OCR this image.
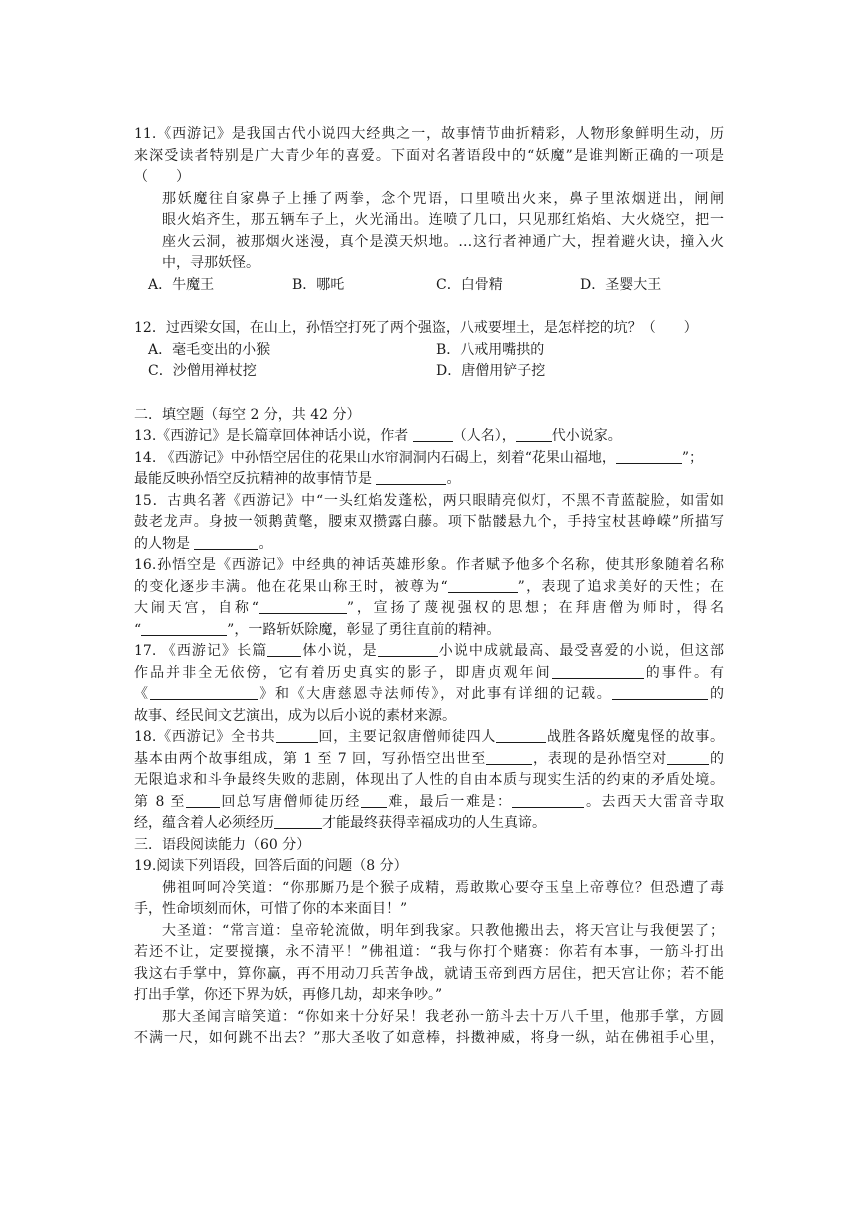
11.《西游记》是我国古代小说四大经典之一，故事情节曲折精彩，人物形象鲜明生动，历
来深受读者特别是广大青少年的喜爱。下面对名著语段中的“妖魔”是谁判断正确的一项是
（　　）
那妖魔往自家鼻子上捶了两拳，念个咒语，口里喷出火来，鼻子里浓烟迸出，闸闸
眼火焰齐生，那五辆车子上，火光涌出。连喷了几口，只见那红焰焰、大火烧空，把一
座火云洞，被那烟火迷漫，真个是漠天炽地。…这行者神通广大，捏着避火诀，撞入火
中，寻那妖怪。
A．牛魔王	B．哪吒	C．白骨精	D．圣婴大王
12．过西梁女国，在山上，孙悟空打死了两个强盗，八戒要埋土，是怎样挖的坑？（　　）
A．毫毛变出的小猴	B．八戒用嘴拱的
C．沙僧用禅杖挖	D．唐僧用铲子挖
二．填空题（每空 2 分，共 42 分）
13.《西游记》是长篇章回体神话小说，作者	（人名），	代小说家。
14. 《西游记》中孙悟空居住的花果山水帘洞洞内石碣上，刻着“花果山福地，	”；
最能反映孙悟空反抗精神的故事情节是	。
15．古典名著《西游记》中“一头红焰发蓬松，两只眼睛亮似灯，不黑不青蓝靛脸，如雷如
鼓老龙声。身披一领鹅黄氅，腰束双攒露白藤。项下骷髅悬九个，手持宝杖甚峥嵘”所描写
的人物是	。
16.孙悟空是《西游记》中经典的神话英雄形象。作者赋予他多个名称，使其形象随着名称
的变化逐步丰满。他在花果山称王时，被尊为“	”，表现了追求美好的天性；在
大闹天宫，自称“	”，宣扬了蔑视强权的思想；在拜唐僧为师时，得名
“	”，一路斩妖除魔，彰显了勇往直前的精神。
17. 《西游记》长篇 体小说，是	小说中成就最高、最受喜爱的小说，但这部
作品并非全无依傍，它有着历史真实的影子，即唐贞观年间	的事件。有
《	》和《大唐慈恩寺法师传》，对此事有详细的记载。	的
故事、经民间文艺演出，成为以后小说的素材来源。
18.《西游记》全书共	回，主要记叙唐僧师徒四人	战胜各路妖魔鬼怪的故事。
基本由两个故事组成，第 1 至 7 回，写孙悟空出世至	，表现的是孙悟空对	的
无限追求和斗争最终失败的悲剧，体现出了人性的自由本质与现实生活的约束的矛盾处境。
第 8 至 回总写唐僧师徒历经 难，最后一难是：	。去西天大雷音寺取
经，蕴含着人必须经历	才能最终获得幸福成功的人生真谛。
三．语段阅读能力（60 分）
19.阅读下列语段，回答后面的问题（8 分）
佛祖呵呵冷笑道：“你那厮乃是个猴子成精，焉敢欺心要夺玉皇上帝尊位？但恐遭了毒
手，性命顷刻而休，可惜了你的本来面目！”
大圣道：“常言道：皇帝轮流做，明年到我家。只教他搬出去，将天宫让与我便罢了；
若还不让，定要搅攘，永不清平！”佛祖道：“我与你打个赌赛：你若有本事，一筋斗打出
我这右手掌中，算你赢，再不用动刀兵苦争战，就请玉帝到西方居住，把天宫让你；若不能
打出手掌，你还下界为妖，再修几劫，却来争吵。”
那大圣闻言暗笑道：“你如来十分好呆！我老孙一筋斗去十万八千里，他那手掌，方圆
不满一尺，如何跳不出去？”那大圣收了如意棒，抖擞神威，将身一纵，站在佛祖手心里，
